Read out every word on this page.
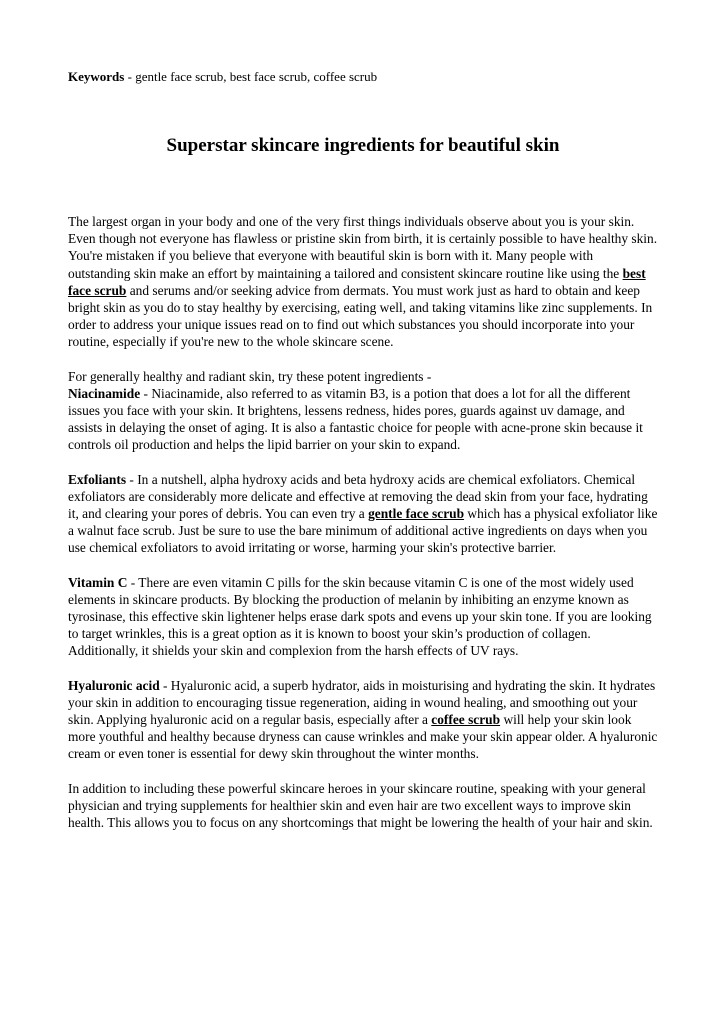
Keywords - gentle face scrub, best face scrub, coffee scrub

Superstar skincare ingredients for beautiful skin

The largest organ in your body and one of the very first things individuals observe about you is your skin. Even though not everyone has flawless or pristine skin from birth, it is certainly possible to have healthy skin. You're mistaken if you believe that everyone with beautiful skin is born with it. Many people with outstanding skin make an effort by maintaining a tailored and consistent skincare routine like using the best face scrub and serums and/or seeking advice from dermats. You must work just as hard to obtain and keep bright skin as you do to stay healthy by exercising, eating well, and taking vitamins like zinc supplements. In order to address your unique issues read on to find out which substances you should incorporate into your routine, especially if you're new to the whole skincare scene.

For generally healthy and radiant skin, try these potent ingredients -

Niacinamide - Niacinamide, also referred to as vitamin B3, is a potion that does a lot for all the different issues you face with your skin. It brightens, lessens redness, hides pores, guards against uv damage, and assists in delaying the onset of aging. It is also a fantastic choice for people with acne-prone skin because it controls oil production and helps the lipid barrier on your skin to expand.

Exfoliants - In a nutshell, alpha hydroxy acids and beta hydroxy acids are chemical exfoliators. Chemical exfoliators are considerably more delicate and effective at removing the dead skin from your face, hydrating it, and clearing your pores of debris. You can even try a gentle face scrub which has a physical exfoliator like a walnut face scrub. Just be sure to use the bare minimum of additional active ingredients on days when you use chemical exfoliators to avoid irritating or worse, harming your skin's protective barrier.

Vitamin C - There are even vitamin C pills for the skin because vitamin C is one of the most widely used elements in skincare products. By blocking the production of melanin by inhibiting an enzyme known as tyrosinase, this effective skin lightener helps erase dark spots and evens up your skin tone. If you are looking to target wrinkles, this is a great option as it is known to boost your skin’s production of collagen. Additionally, it shields your skin and complexion from the harsh effects of UV rays.

Hyaluronic acid - Hyaluronic acid, a superb hydrator, aids in moisturising and hydrating the skin. It hydrates your skin in addition to encouraging tissue regeneration, aiding in wound healing, and smoothing out your skin. Applying hyaluronic acid on a regular basis, especially after a coffee scrub will help your skin look more youthful and healthy because dryness can cause wrinkles and make your skin appear older. A hyaluronic cream or even toner is essential for dewy skin throughout the winter months.

In addition to including these powerful skincare heroes in your skincare routine, speaking with your general physician and trying supplements for healthier skin and even hair are two excellent ways to improve skin health. This allows you to focus on any shortcomings that might be lowering the health of your hair and skin.
